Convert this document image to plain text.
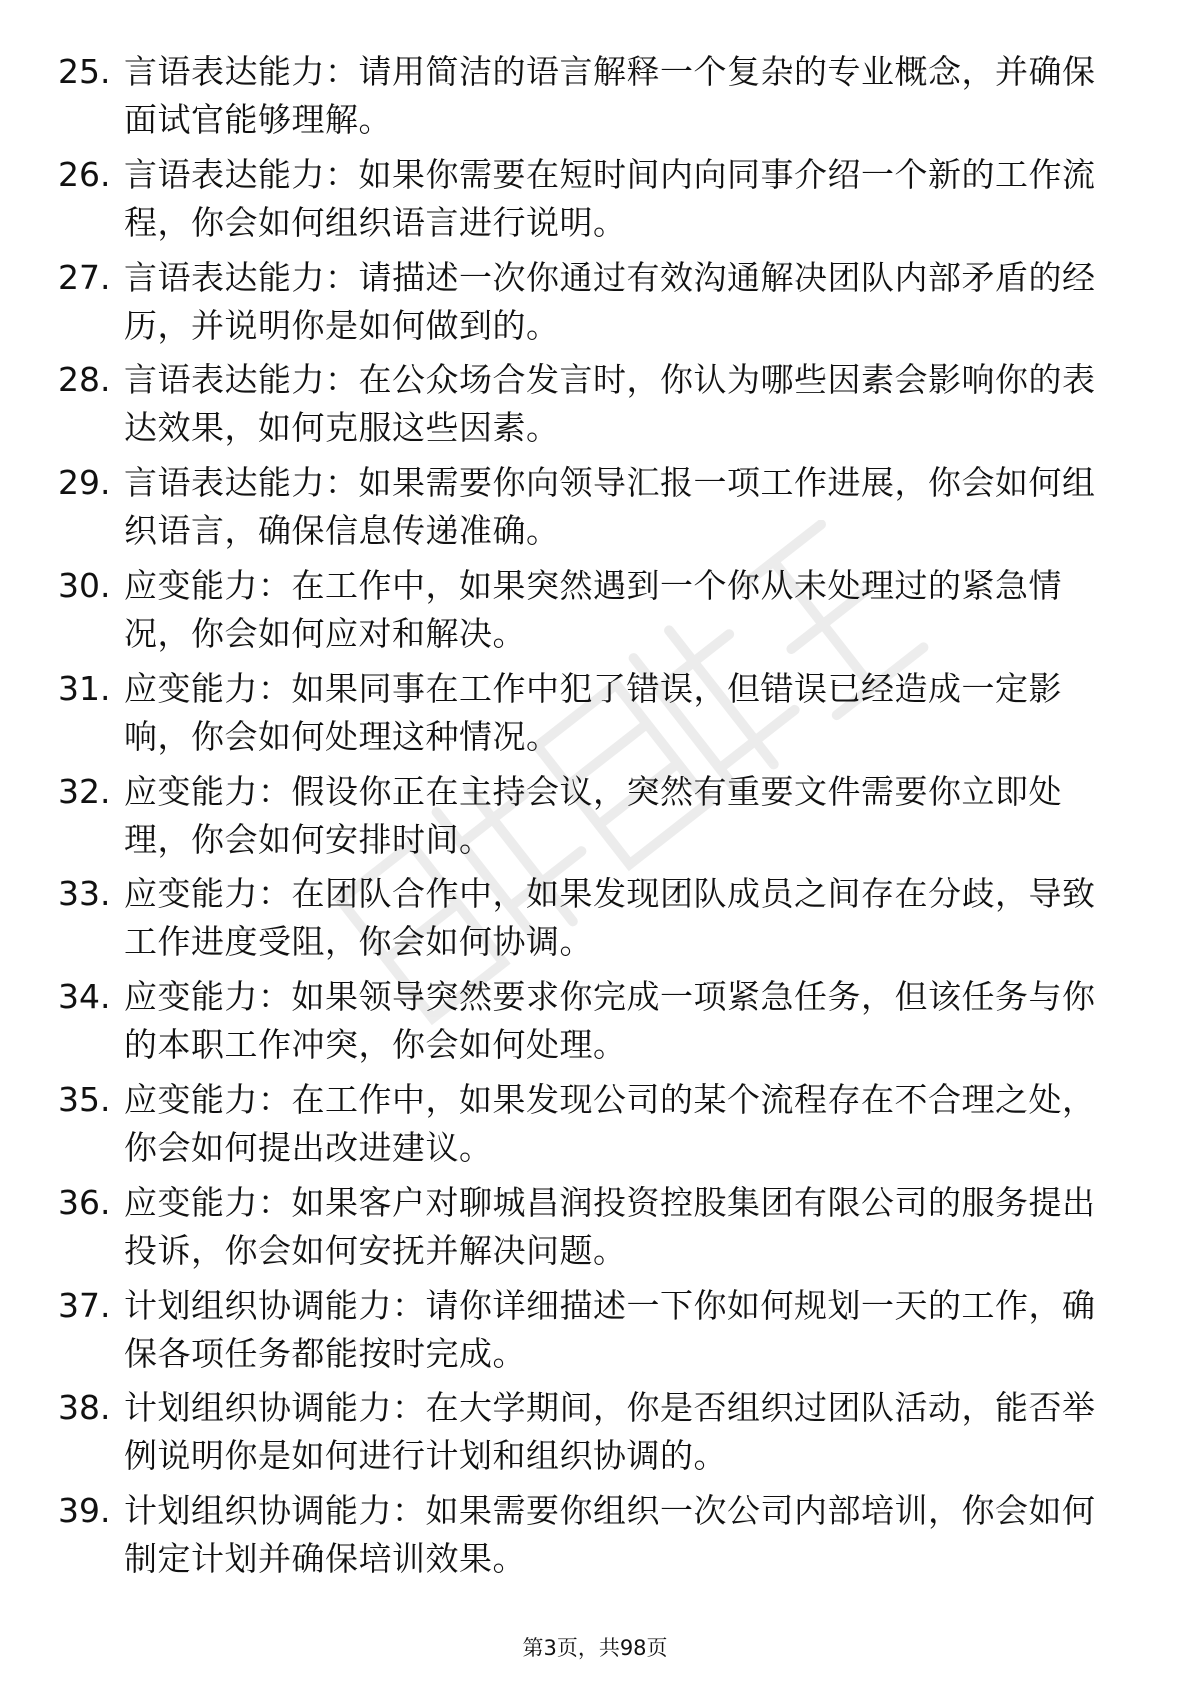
25. 言语表达能力：请用简洁的语言解释一个复杂的专业概念，并确保面试官能够理解。
26. 言语表达能力：如果你需要在短时间内向同事介绍一个新的工作流程，你会如何组织语言进行说明。
27. 言语表达能力：请描述一次你通过有效沟通解决团队内部矛盾的经历，并说明你是如何做到的。
28. 言语表达能力：在公众场合发言时，你认为哪些因素会影响你的表达效果，如何克服这些因素。
29. 言语表达能力：如果需要你向领导汇报一项工作进展，你会如何组织语言，确保信息传递准确。
30. 应变能力：在工作中，如果突然遇到一个你从未处理过的紧急情况，你会如何应对和解决。
31. 应变能力：如果同事在工作中犯了错误，但错误已经造成一定影响，你会如何处理这种情况。
32. 应变能力：假设你正在主持会议，突然有重要文件需要你立即处理，你会如何安排时间。
33. 应变能力：在团队合作中，如果发现团队成员之间存在分歧，导致工作进度受阻，你会如何协调。
34. 应变能力：如果领导突然要求你完成一项紧急任务，但该任务与你的本职工作冲突，你会如何处理。
35. 应变能力：在工作中，如果发现公司的某个流程存在不合理之处，你会如何提出改进建议。
36. 应变能力：如果客户对聊城昌润投资控股集团有限公司的服务提出投诉，你会如何安抚并解决问题。
37. 计划组织协调能力：请你详细描述一下你如何规划一天的工作，确保各项任务都能按时完成。
38. 计划组织协调能力：在大学期间，你是否组织过团队活动，能否举例说明你是如何进行计划和组织协调的。
39. 计划组织协调能力：如果需要你组织一次公司内部培训，你会如何制定计划并确保培训效果。
第3页，共98页
